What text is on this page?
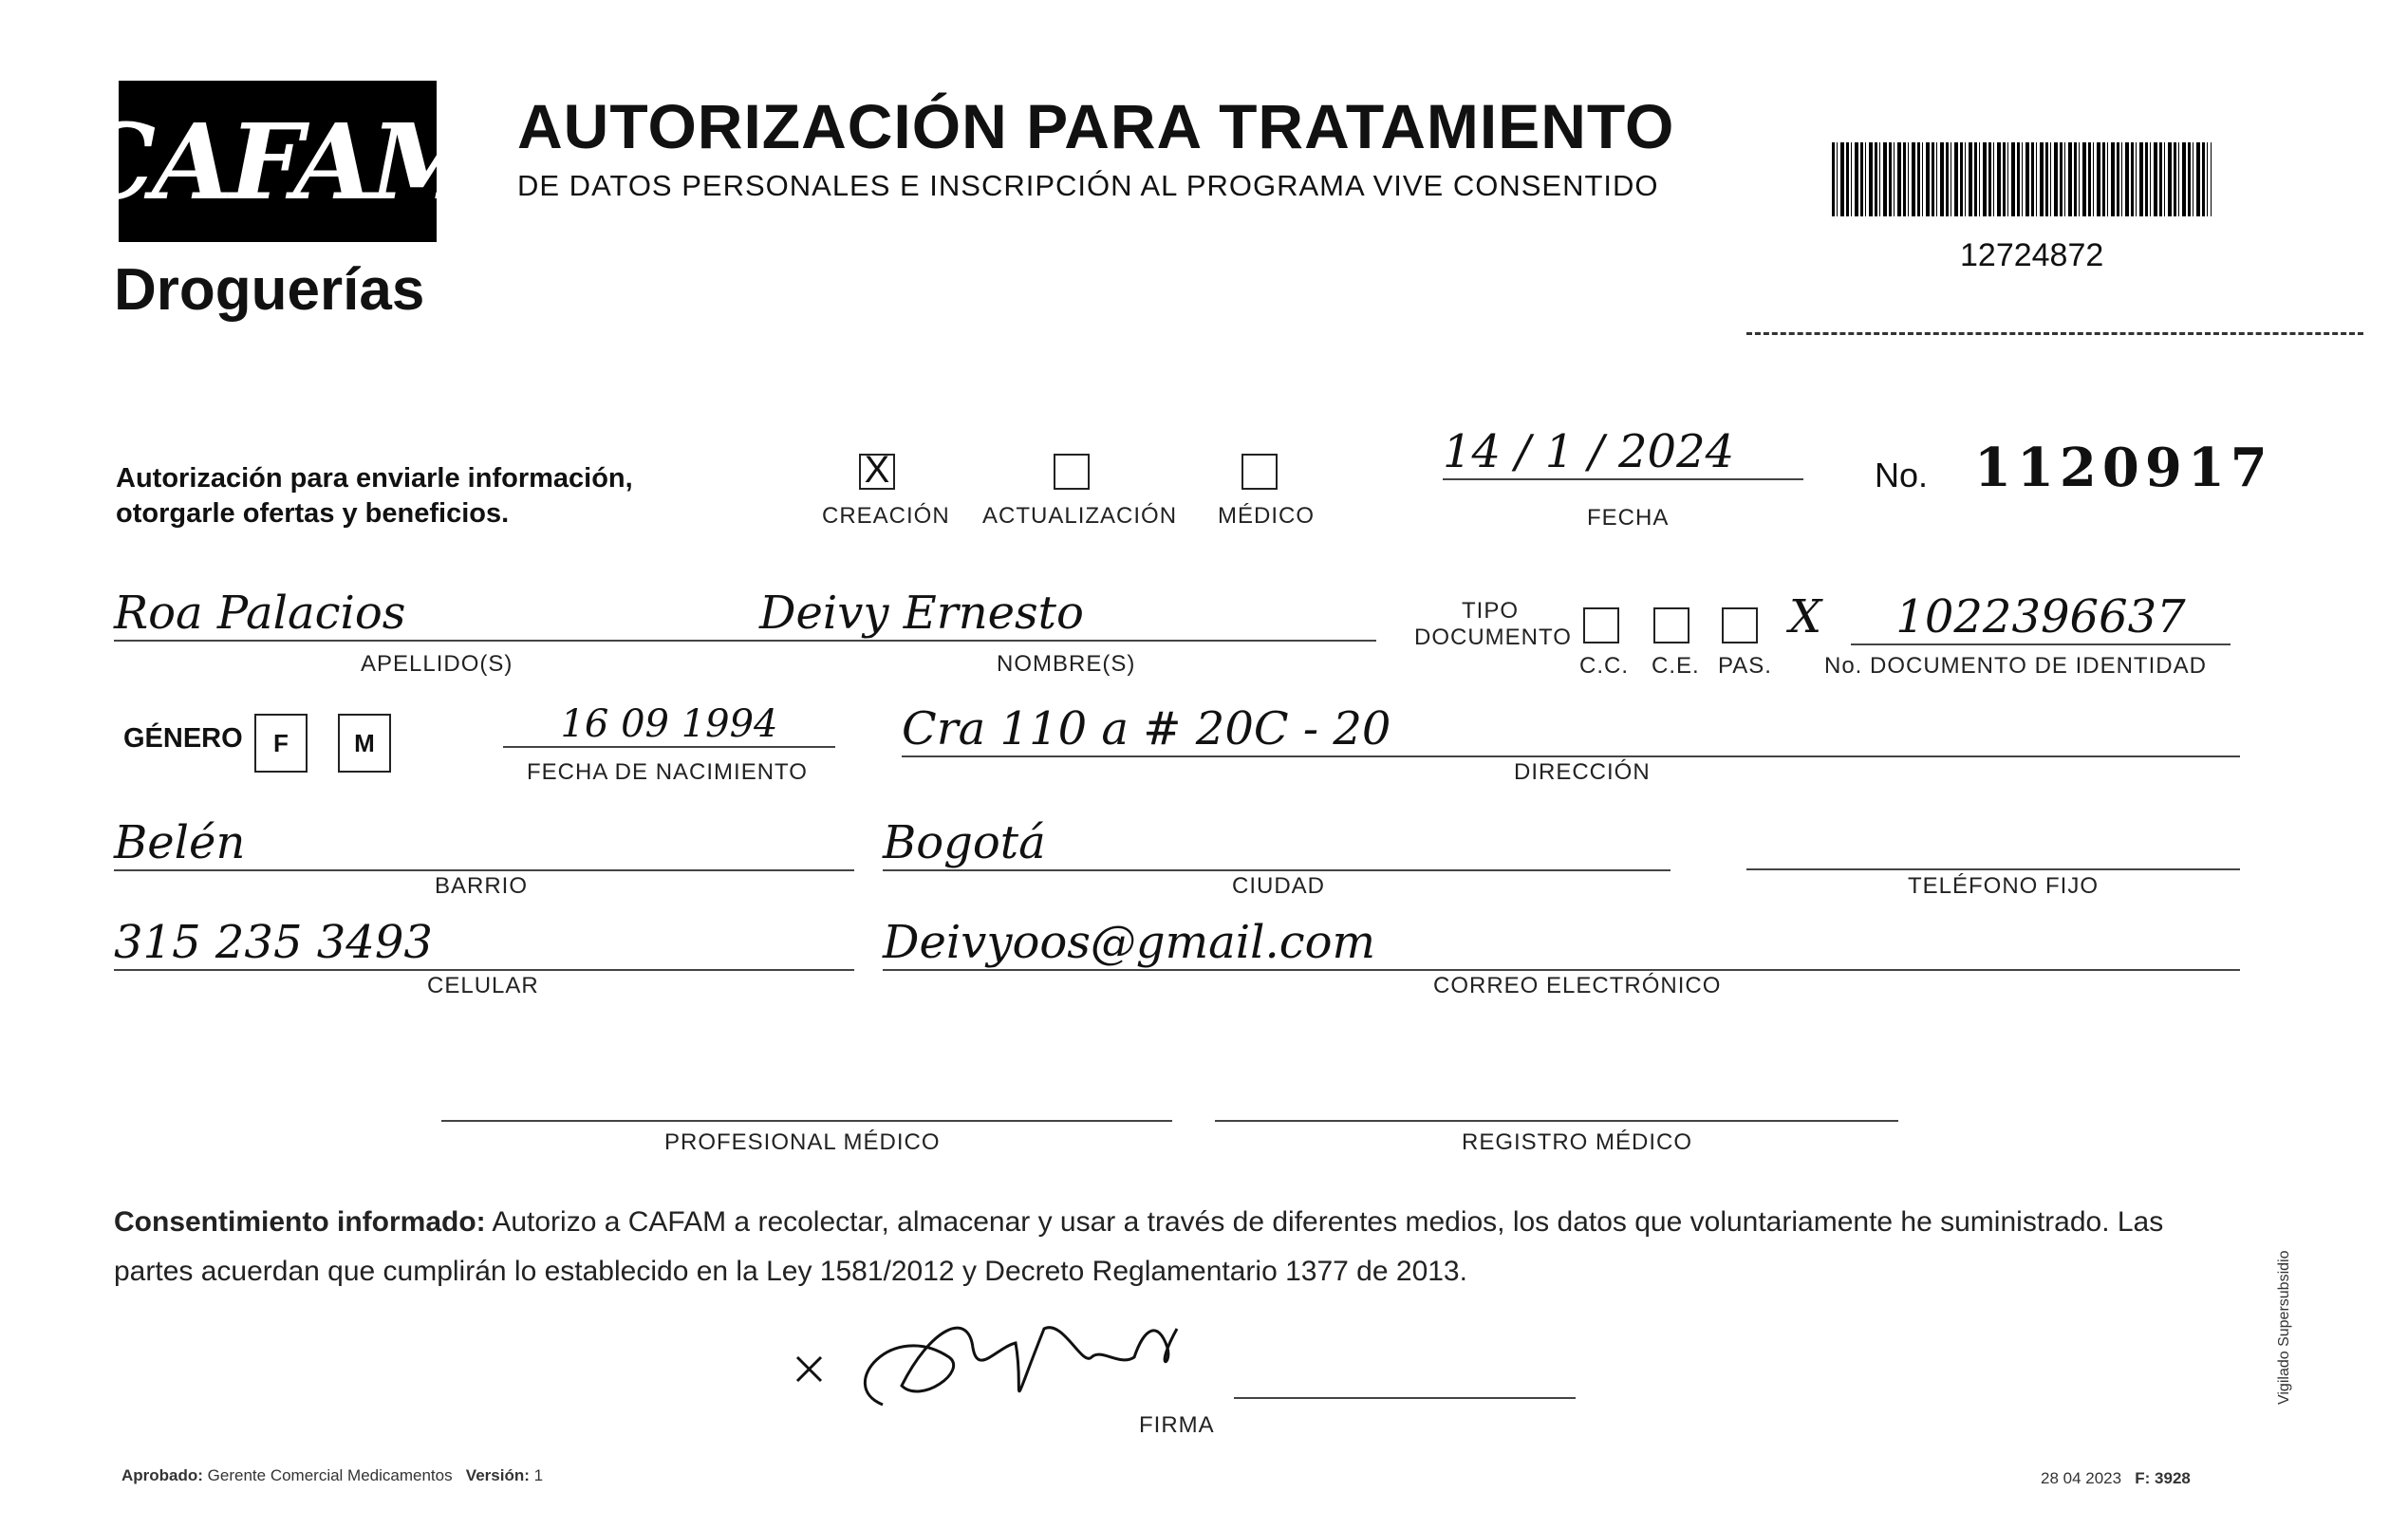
CAFAM
Droguerías
AUTORIZACIÓN PARA TRATAMIENTO
DE DATOS PERSONALES E INSCRIPCIÓN AL PROGRAMA VIVE CONSENTIDO
12724872
Autorización para enviarle información,
otorgarle ofertas y beneficios.
X
CREACIÓN ACTUALIZACIÓN MÉDICO
14 / 1 / 2024
FECHA
No. 1120917
Roa Palacios
APELLIDO(S)
Deivy Ernesto
NOMBRE(S)
TIPO
DOCUMENTO
C.C. C.E. PAS.
X	1022396637
No. DOCUMENTO DE IDENTIDAD
GÉNERO F	M	16 09 1994
FECHA DE NACIMIENTO
Cra 110 a # 20C - 20
DIRECCIÓN
Belén
BARRIO
Bogotá
CIUDAD	TELÉFONO FIJO
315 235 3493
CELULAR
Deivyoos@gmail.com
CORREO ELECTRÓNICO
PROFESIONAL MÉDICO	REGISTRO MÉDICO
Consentimiento informado: Autorizo a CAFAM a recolectar, almacenar y usar a través de diferentes medios, los datos que voluntariamente he suministrado. Las partes acuerdan que cumplirán lo establecido en la Ley 1581/2012 y Decreto Reglamentario 1377 de 2013.
FIRMA
Aprobado: Gerente Comercial Medicamentos Versión: 1	28 04 2023 F: 3928
Vigilado Supersubsidio
